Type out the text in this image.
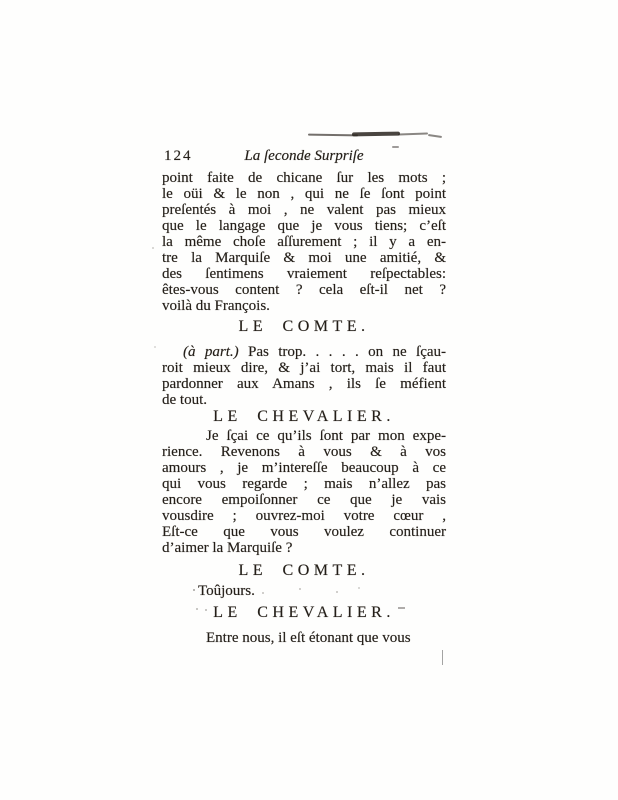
124	La ſeconde Surpriſe
point faite de chicane ſur les mots ;
le oüi & le non , qui ne ſe ſont point
preſentés à moi , ne valent pas mieux
que le langage que je vous tiens; c’eſt
la même choſe aſſurement ; il y a en-
tre la Marquiſe & moi une amitié, &
des ſentimens vraiement reſpectables:
êtes-vous content ? cela eſt-il net ?
voilà du François.
LE COMTE.
(à part.) Pas trop. . . . . on ne ſçau-
roit mieux dire, & j’ai tort, mais il faut
pardonner aux Amans , ils ſe méfient
de tout.
LE CHEVALIER.
Je ſçai ce qu’ils ſont par mon expe-
rience. Revenons à vous & à vos
amours , je m’intereſſe beaucoup à ce
qui vous regarde ; mais n’allez pas
encore empoiſonner ce que je vais
vousdire ; ouvrez-moi votre cœur ,
Eſt-ce que vous voulez continuer
d’aimer la Marquiſe ?
LE COMTE.
Toûjours.
LE CHEVALIER.
Entre nous, il eſt étonant que vous
